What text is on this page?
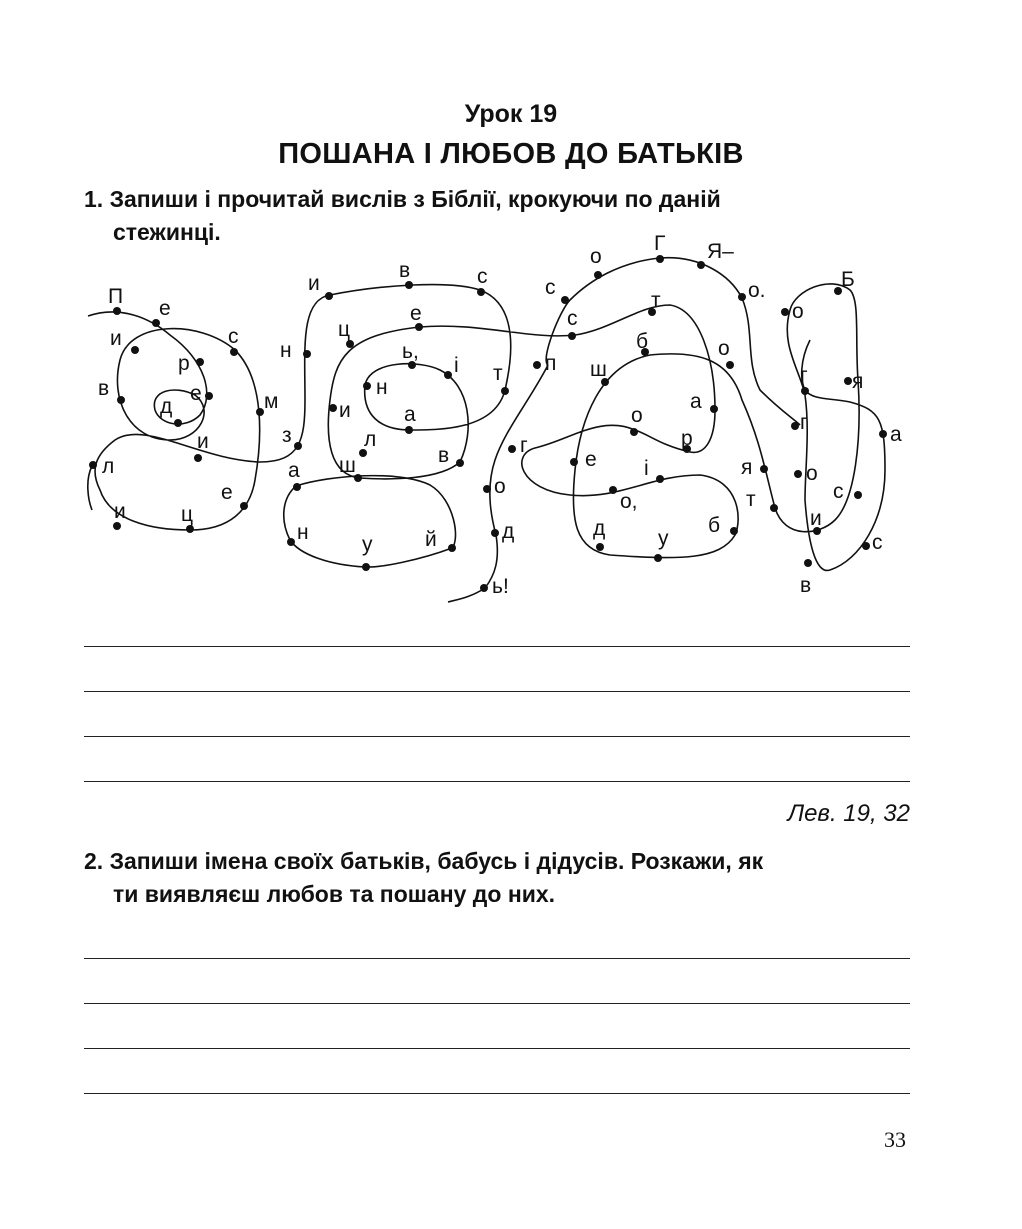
Урок 19
ПОШАНА І ЛЮБОВ ДО БАТЬКІВ
1. Запиши і прочитай вислів з Біблії, крокуючи по даній
стежинці.
П
е
и
р
с
в	е
д	м
и	з
л
е
и	ц
и
в	с
н
ц
е
ь,
н
і т
и	а
л
в
ш
а
н
у	й
о
Г Я–
с
с
о.
п
т
б
ш
о
о
а
р
г
е і
о,
д	у
б
Б
о
г я
г
а
о
я
т	с
и
с
в
о
д
ь!
Лев. 19, 32
2. Запиши імена своїх батьків, бабусь і дідусів. Розкажи, як
ти виявляєш любов та пошану до них.
33
